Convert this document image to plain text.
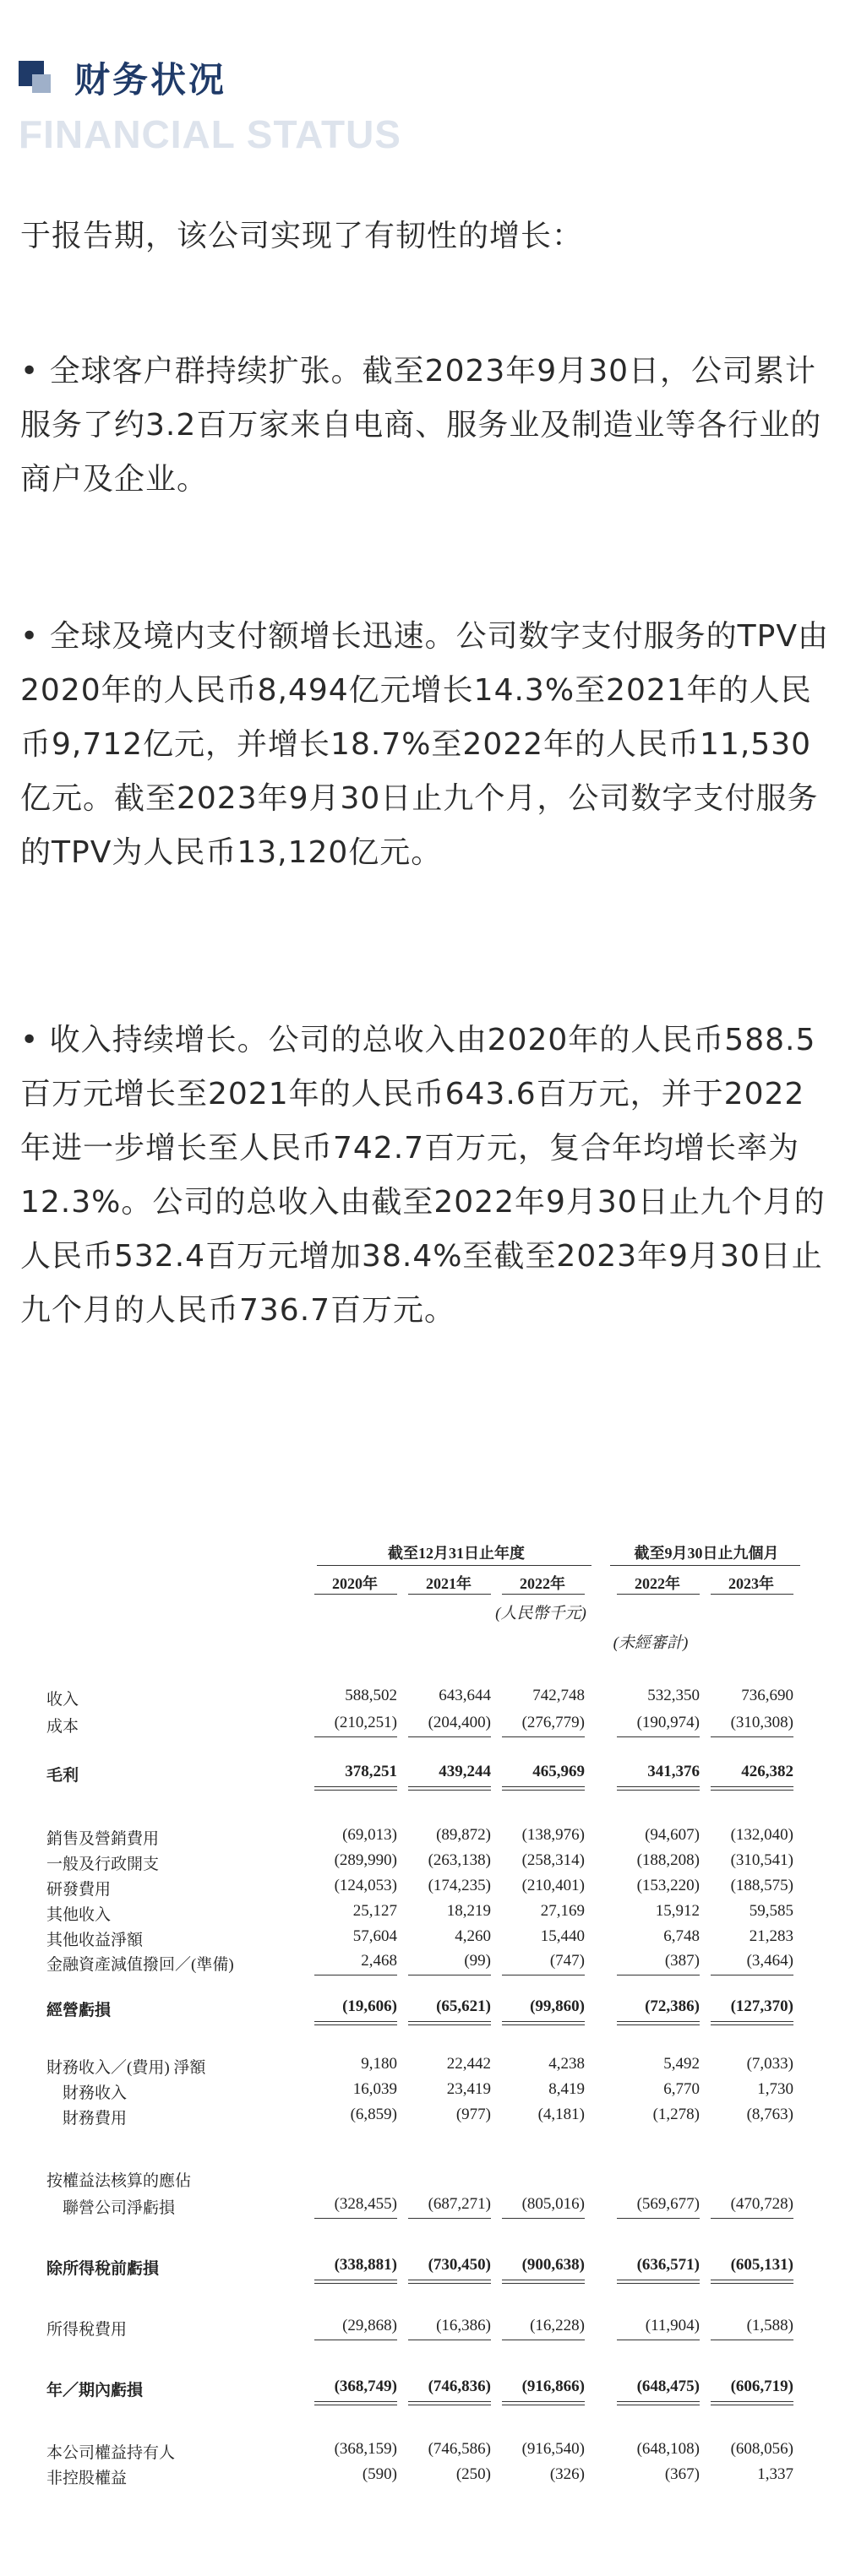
财务状况
FINANCIAL STATUS

于报告期，该公司实现了有韧性的增长：

• 全球客户群持续扩张。截至2023年9月30日，公司累计服务了约3.2百万家来自电商、服务业及制造业等各行业的商户及企业。

• 全球及境内支付额增长迅速。公司数字支付服务的TPV由2020年的人民币8,494亿元增长14.3%至2021年的人民币9,712亿元，并增长18.7%至2022年的人民币11,530亿元。截至2023年9月30日止九个月，公司数字支付服务的TPV为人民币13,120亿元。

• 收入持续增长。公司的总收入由2020年的人民币588.5百万元增长至2021年的人民币643.6百万元，并于2022年进一步增长至人民币742.7百万元，复合年均增长率为12.3%。公司的总收入由截至2022年9月30日止九个月的人民币532.4百万元增加38.4%至截至2023年9月30日止九个月的人民币736.7百万元。

截至12月31日止年度	截至9月30日止九個月
2020年	2021年	2022年	2022年	2023年
(人民幣千元)
(未經審計)
收入	588,502	643,644	742,748	532,350	736,690
成本	(210,251)	(204,400)	(276,779)	(190,974)	(310,308)
毛利	378,251	439,244	465,969	341,376	426,382
銷售及營銷費用	(69,013)	(89,872)	(138,976)	(94,607)	(132,040)
一般及行政開支	(289,990)	(263,138)	(258,314)	(188,208)	(310,541)
研發費用	(124,053)	(174,235)	(210,401)	(153,220)	(188,575)
其他收入	25,127	18,219	27,169	15,912	59,585
其他收益淨額	57,604	4,260	15,440	6,748	21,283
金融資產減值撥回／(準備)	2,468	(99)	(747)	(387)	(3,464)
經營虧損	(19,606)	(65,621)	(99,860)	(72,386)	(127,370)
財務收入／(費用) 淨額	9,180	22,442	4,238	5,492	(7,033)
財務收入	16,039	23,419	8,419	6,770	1,730
財務費用	(6,859)	(977)	(4,181)	(1,278)	(8,763)
按權益法核算的應佔
聯營公司淨虧損	(328,455)	(687,271)	(805,016)	(569,677)	(470,728)
除所得稅前虧損	(338,881)	(730,450)	(900,638)	(636,571)	(605,131)
所得稅費用	(29,868)	(16,386)	(16,228)	(11,904)	(1,588)
年／期內虧損	(368,749)	(746,836)	(916,866)	(648,475)	(606,719)
本公司權益持有人	(368,159)	(746,586)	(916,540)	(648,108)	(608,056)
非控股權益	(590)	(250)	(326)	(367)	1,337
